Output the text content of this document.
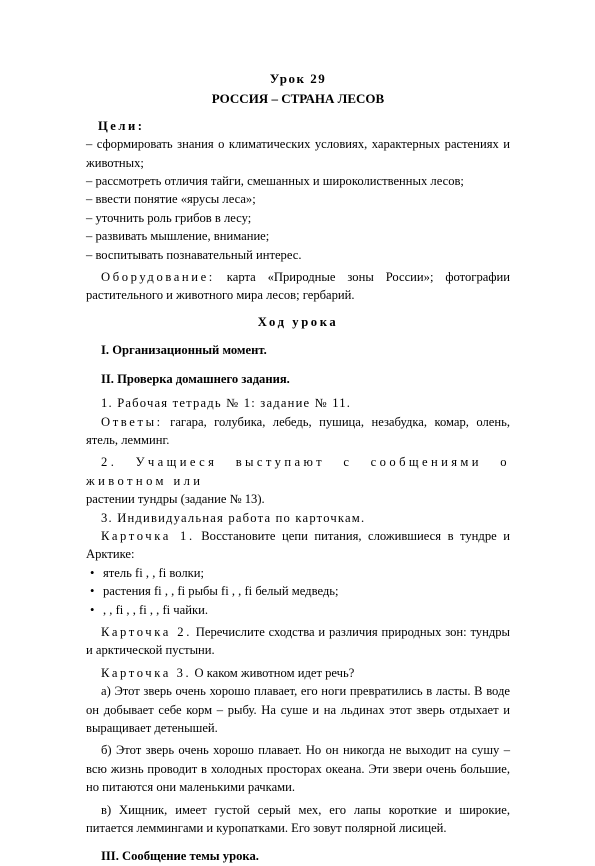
Урок 29
РОССИЯ – СТРАНА ЛЕСОВ
Цели:

– сформировать знания о климатических условиях, характерных растениях и животных;

– рассмотреть отличия тайги, смешанных и широколиственных лесов;

– ввести понятие «ярусы леса»;

– уточнить роль грибов в лесу;

– развивать мышление, внимание;

– воспитывать познавательный интерес.

Оборудование: карта «Природные зоны России»; фотографии растительного и животного мира лесов; гербарий.

Ход урока

I. Организационный момент.

II. Проверка домашнего задания.

1. Рабочая тетрадь № 1: задание № 11.

Ответы: гагара, голубика, лебедь, пушица, незабудка, комар, олень, ятель, лемминг.

2. Учащиеся выступают с сообщениями о животном или
растении тундры (задание № 13).

3. Индивидуальная работа по карточкам.

Карточка 1. Восстановите цепи питания, сложившиеся в тундре и Арктике:

• ятель fi , , fi волки;

• растения fi , , fi рыбы fi , , fi белый медведь;

• , , fi , , fi , , fi чайки.

Карточка 2. Перечислите сходства и различия природных зон: тундры и арктической пустыни.

Карточка 3. О каком животном идет речь?

а) Этот зверь очень хорошо плавает, его ноги превратились в ласты. В воде он добывает себе корм – рыбу. На суше и на льдинах этот зверь отдыхает и выращивает детенышей.

б) Этот зверь очень хорошо плавает. Но он никогда не выходит на сушу – всю жизнь проводит в холодных просторах океана. Эти звери очень большие, но питаются они маленькими рачками.

в) Хищник, имеет густой серый мех, его лапы короткие и широкие, питается леммингами и куропатками. Его зовут полярной лисицей.

III. Сообщение темы урока.
